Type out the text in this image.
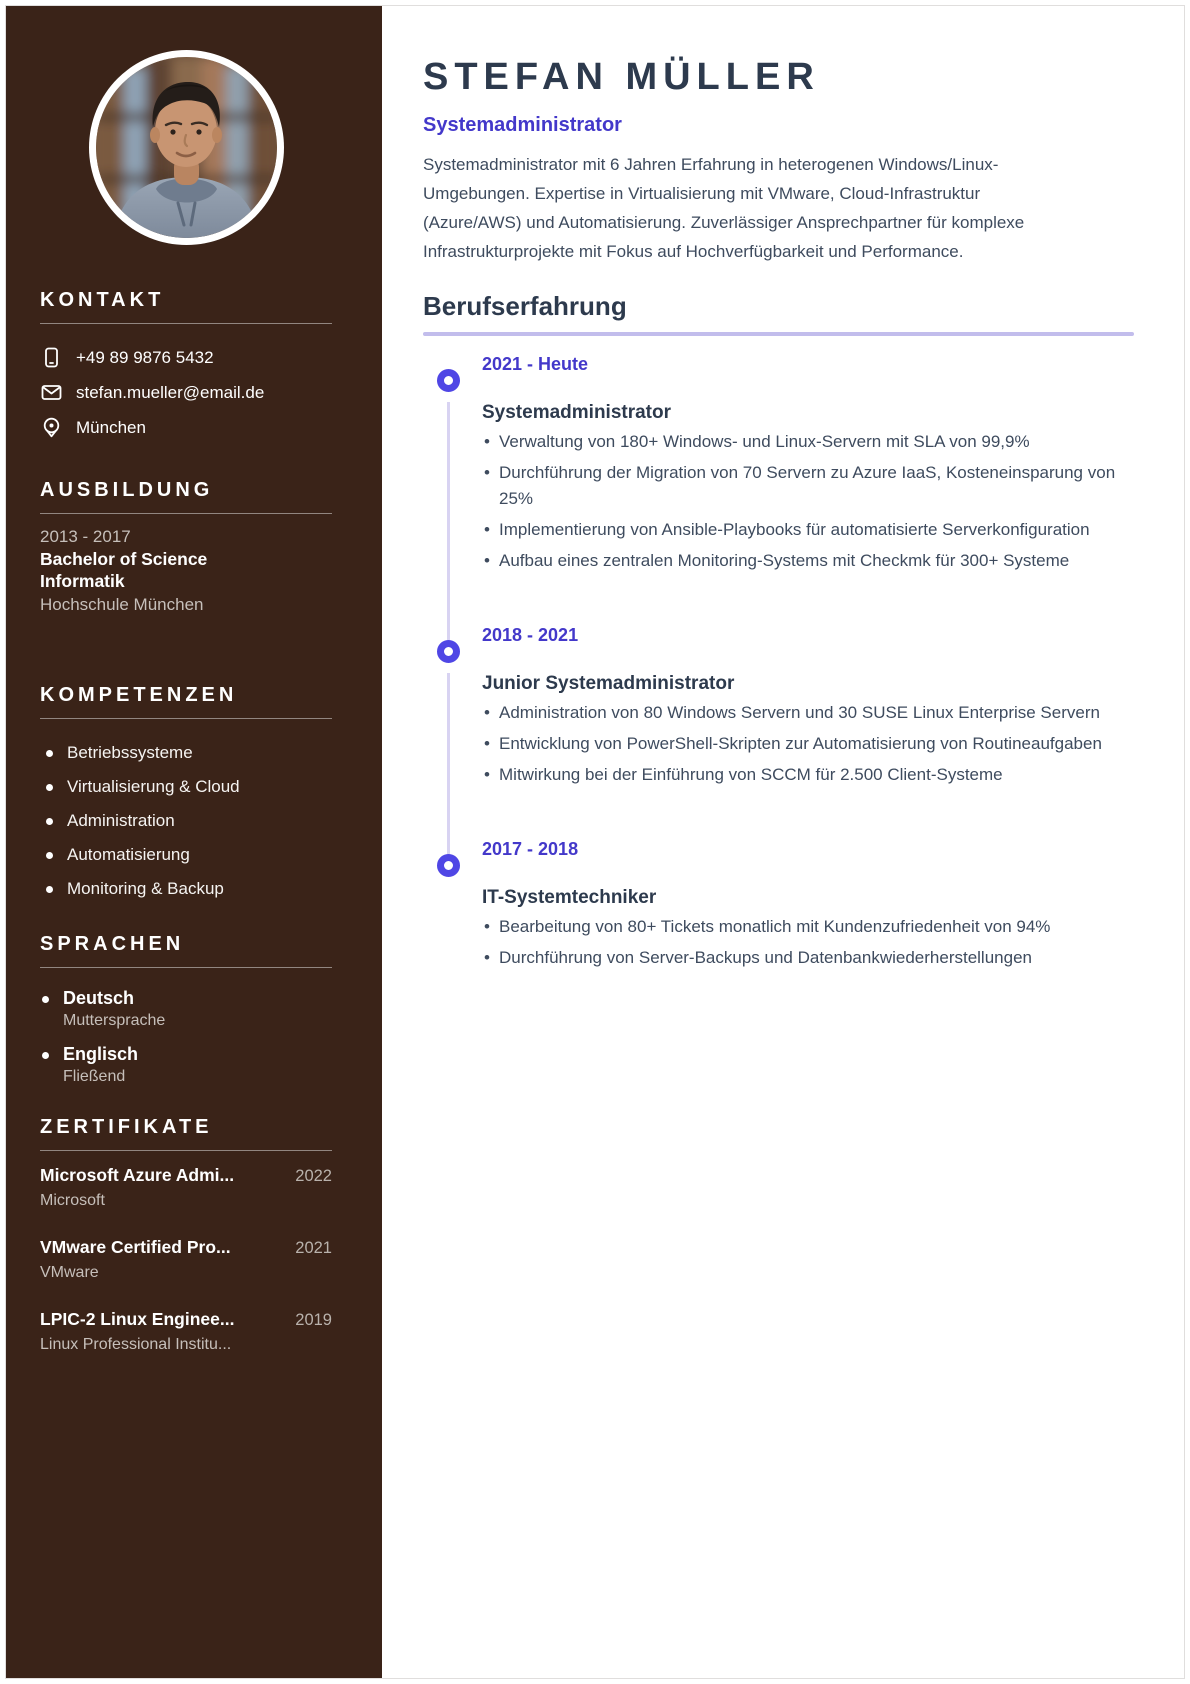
KONTAKT
+49 89 9876 5432
stefan.mueller@email.de
München
AUSBILDUNG
2013 - 2017
Bachelor of Science
Informatik
Hochschule München
KOMPETENZEN
Betriebssysteme
Virtualisierung & Cloud
Administration
Automatisierung
Monitoring & Backup
SPRACHEN
Deutsch
Muttersprache
Englisch
Fließend
ZERTIFIKATE
Microsoft Azure Admi...	2022
Microsoft
VMware Certified Pro...	2021
VMware
LPIC-2 Linux Enginee...	2019
Linux Professional Institu...
STEFAN MÜLLER
Systemadministrator

Systemadministrator mit 6 Jahren Erfahrung in heterogenen Windows/Linux-Umgebungen. Expertise in Virtualisierung mit VMware, Cloud-Infrastruktur (Azure/AWS) und Automatisierung. Zuverlässiger Ansprechpartner für komplexe Infrastrukturprojekte mit Fokus auf Hochverfügbarkeit und Performance.

Berufserfahrung
2021 - Heute
Systemadministrator
• Verwaltung von 180+ Windows- und Linux-Servern mit SLA von 99,9%
• Durchführung der Migration von 70 Servern zu Azure IaaS, Kosteneinsparung von 25%
• Implementierung von Ansible-Playbooks für automatisierte Serverkonfiguration
• Aufbau eines zentralen Monitoring-Systems mit Checkmk für 300+ Systeme
2018 - 2021
Junior Systemadministrator
• Administration von 80 Windows Servern und 30 SUSE Linux Enterprise Servern
• Entwicklung von PowerShell-Skripten zur Automatisierung von Routineaufgaben
• Mitwirkung bei der Einführung von SCCM für 2.500 Client-Systeme
2017 - 2018
IT-Systemtechniker
• Bearbeitung von 80+ Tickets monatlich mit Kundenzufriedenheit von 94%
• Durchführung von Server-Backups und Datenbankwiederherstellungen
